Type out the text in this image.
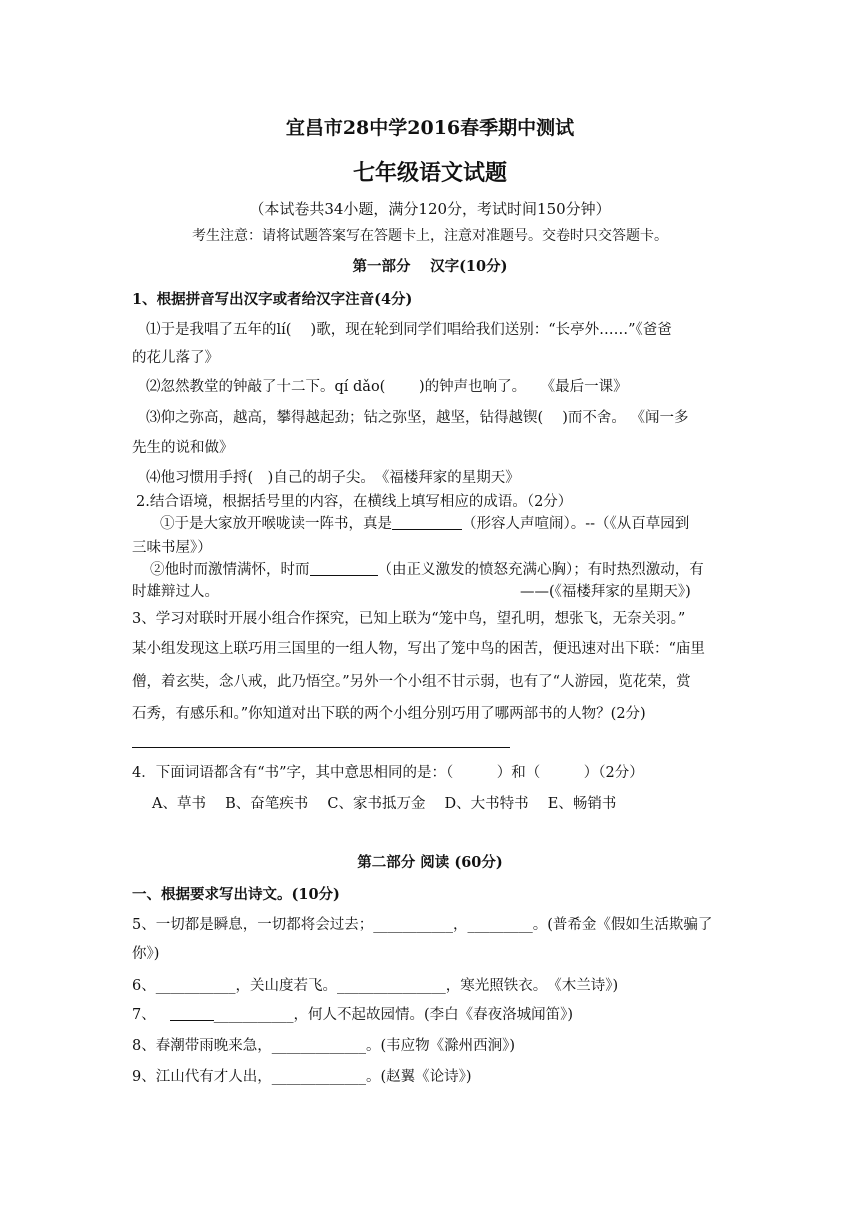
宜昌市28中学2016春季期中测试
七年级语文试题
（本试卷共34小题，满分120分，考试时间150分钟）
考生注意：请将试题答案写在答题卡上，注意对准题号。交卷时只交答题卡。
第一部分　 汉字(10分)
1、根据拼音写出汉字或者给汉字注音(4分)
⑴于是我唱了五年的lí(　 )歌，现在轮到同学们唱给我们送别：“长亭外……”《爸爸
的花儿落了》
⑵忽然教堂的钟敲了十二下。qí dǎo(　　 )的钟声也响了。　　《最后一课》
⑶仰之弥高，越高，攀得越起劲；钻之弥坚，越坚，钻得越锲(　 )而不舍。 《闻一多
先生的说和做》
⑷他习惯用手捋(　)自己的胡子尖。　《福楼拜家的星期天》
2.结合语境，根据括号里的内容，在横线上填写相应的成语。（2分）
①于是大家放开喉咙读一阵书，真是	（形容人声喧闹）。--（《从百草园到
三味书屋》）
②他时而激情满怀，时而	（由正义激发的愤怒充满心胸）；有时热烈激动，有
时雄辩过人。	——(《福楼拜家的星期天》)
3、学习对联时开展小组合作探究，已知上联为“笼中鸟，望孔明，想张飞，无奈关羽。”
某小组发现这上联巧用三国里的一组人物，写出了笼中鸟的困苦，便迅速对出下联：“庙里
僧，着玄奘，念八戒，此乃悟空。”另外一个小组不甘示弱，也有了“人游园，览花荣，赏
石秀，有感乐和。”你知道对出下联的两个小组分别巧用了哪两部书的人物？(2分)
4．下面词语都含有“书”字，其中意思相同的是：（　　　）和（　　　）（2分）
A、草书　 B、奋笔疾书　 C、家书抵万金　 D、大书特书　 E、畅销书
第二部分 阅读 (60分)
一、根据要求写出诗文。(10分)
5、一切都是瞬息，一切都将会过去；___________，_________。(普希金《假如生活欺骗了
你》)
6、___________，关山度若飞。_______________，寒光照铁衣。　《木兰诗》)
7、	___________，何人不起故园情。(李白《春夜洛城闻笛》)
8、春潮带雨晚来急，_____________。(韦应物《滁州西涧》)
9、江山代有才人出，_____________。(赵翼《论诗》)
